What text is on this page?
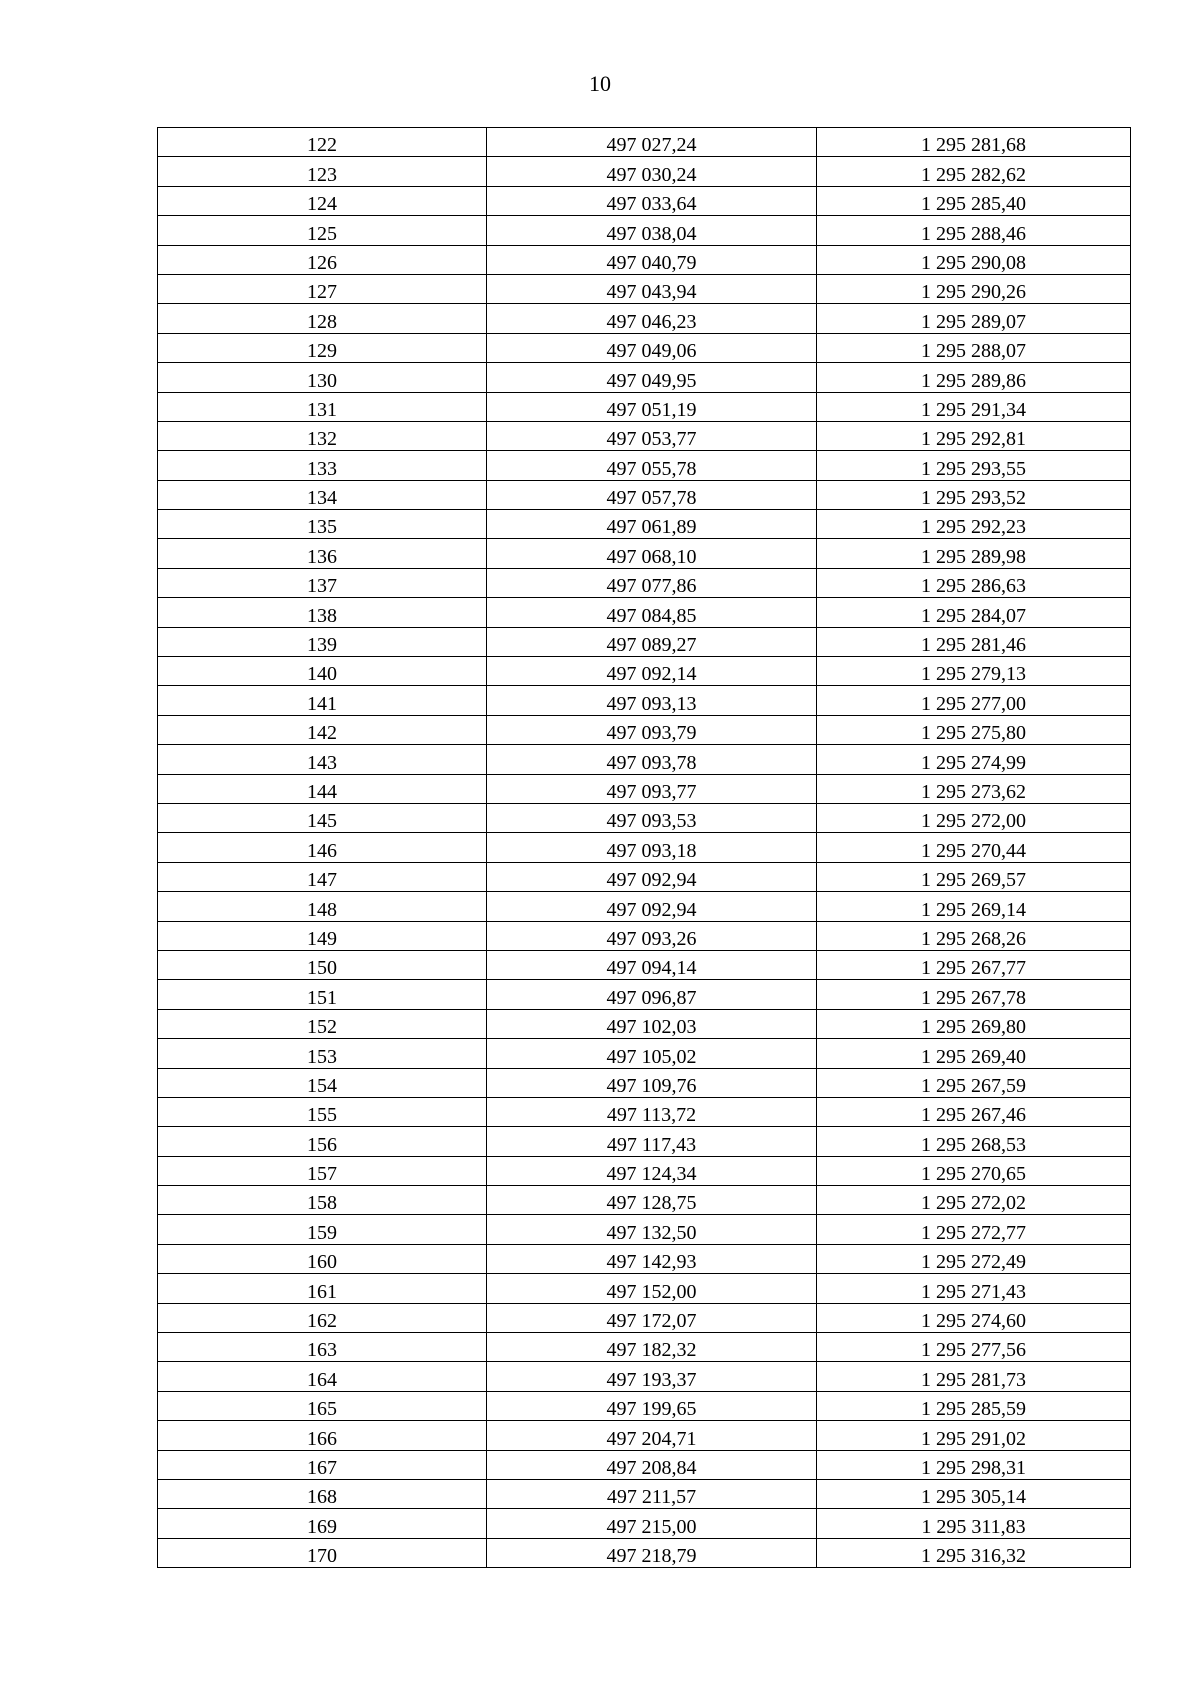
10
122	497 027,24	1 295 281,68
123	497 030,24	1 295 282,62
124	497 033,64	1 295 285,40
125	497 038,04	1 295 288,46
126	497 040,79	1 295 290,08
127	497 043,94	1 295 290,26
128	497 046,23	1 295 289,07
129	497 049,06	1 295 288,07
130	497 049,95	1 295 289,86
131	497 051,19	1 295 291,34
132	497 053,77	1 295 292,81
133	497 055,78	1 295 293,55
134	497 057,78	1 295 293,52
135	497 061,89	1 295 292,23
136	497 068,10	1 295 289,98
137	497 077,86	1 295 286,63
138	497 084,85	1 295 284,07
139	497 089,27	1 295 281,46
140	497 092,14	1 295 279,13
141	497 093,13	1 295 277,00
142	497 093,79	1 295 275,80
143	497 093,78	1 295 274,99
144	497 093,77	1 295 273,62
145	497 093,53	1 295 272,00
146	497 093,18	1 295 270,44
147	497 092,94	1 295 269,57
148	497 092,94	1 295 269,14
149	497 093,26	1 295 268,26
150	497 094,14	1 295 267,77
151	497 096,87	1 295 267,78
152	497 102,03	1 295 269,80
153	497 105,02	1 295 269,40
154	497 109,76	1 295 267,59
155	497 113,72	1 295 267,46
156	497 117,43	1 295 268,53
157	497 124,34	1 295 270,65
158	497 128,75	1 295 272,02
159	497 132,50	1 295 272,77
160	497 142,93	1 295 272,49
161	497 152,00	1 295 271,43
162	497 172,07	1 295 274,60
163	497 182,32	1 295 277,56
164	497 193,37	1 295 281,73
165	497 199,65	1 295 285,59
166	497 204,71	1 295 291,02
167	497 208,84	1 295 298,31
168	497 211,57	1 295 305,14
169	497 215,00	1 295 311,83
170	497 218,79	1 295 316,32
